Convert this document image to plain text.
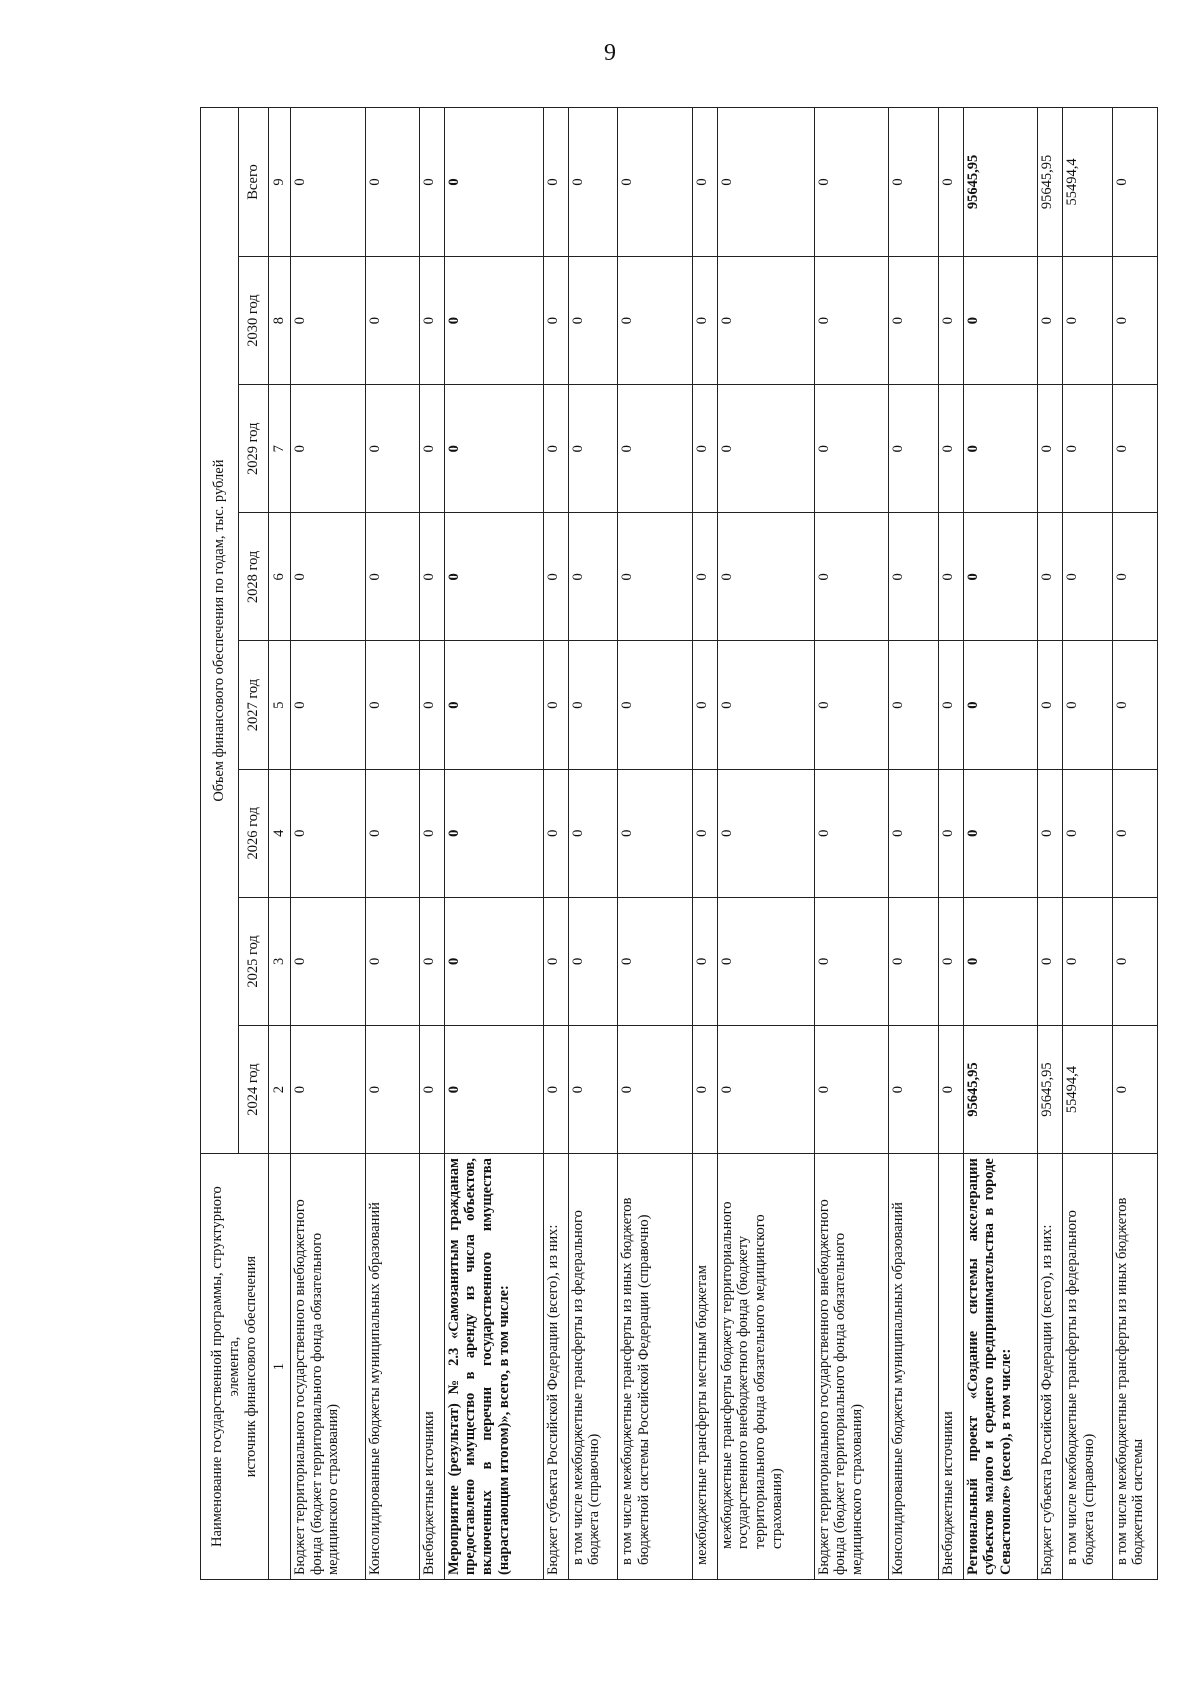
9
Наименование государственной программы, структурного элемента,
источник финансового обеспечения	Объем финансового обеспечения по годам, тыс. рублей							
	2024 год	2025 год	2026 год	2027 год	2028 год	2029 год	2030 год	Всего
1	2	3	4	5	6	7	8	9
Бюджет территориального государственного внебюджетного фонда (бюджет территориального фонда обязательного медицинского страхования)	0	0	0	0	0	0	0	0
Консолидированные бюджеты муниципальных образований	0	0	0	0	0	0	0	0
Внебюджетные источники	0	0	0	0	0	0	0	0
Мероприятие (результат) № 2.3 «Самозанятым гражданам предоставлено имущество в аренду из числа объектов, включенных в перечни государственного имущества (нарастающим итогом)», всего, в том числе:	0	0	0	0	0	0	0	0
Бюджет субъекта Российской Федерации (всего), из них:	0	0	0	0	0	0	0	0
в том числе межбюджетные трансферты из федерального бюджета (справочно)	0	0	0	0	0	0	0	0
в том числе межбюджетные трансферты из иных бюджетов бюджетной системы Российской Федерации (справочно)	0	0	0	0	0	0	0	0
межбюджетные трансферты местным бюджетам	0	0	0	0	0	0	0	0
межбюджетные трансферты бюджету территориального государственного внебюджетного фонда (бюджету территориального фонда обязательного медицинского страхования)	0	0	0	0	0	0	0	0
Бюджет территориального государственного внебюджетного фонда (бюджет территориального фонда обязательного медицинского страхования)	0	0	0	0	0	0	0	0
Консолидированные бюджеты муниципальных образований	0	0	0	0	0	0	0	0
Внебюджетные источники	0	0	0	0	0	0	0	0
Региональный проект «Создание системы акселерации субъектов малого и среднего предпринимательства в городе Севастополе» (всего), в том числе:	95645,95	0	0	0	0	0	0	95645,95
Бюджет субъекта Российской Федерации (всего), из них:	95645,95	0	0	0	0	0	0	95645,95
в том числе межбюджетные трансферты из федерального бюджета (справочно)	55494,4	0	0	0	0	0	0	55494,4
в том числе межбюджетные трансферты из иных бюджетов бюджетной системы	0	0	0	0	0	0	0	0
